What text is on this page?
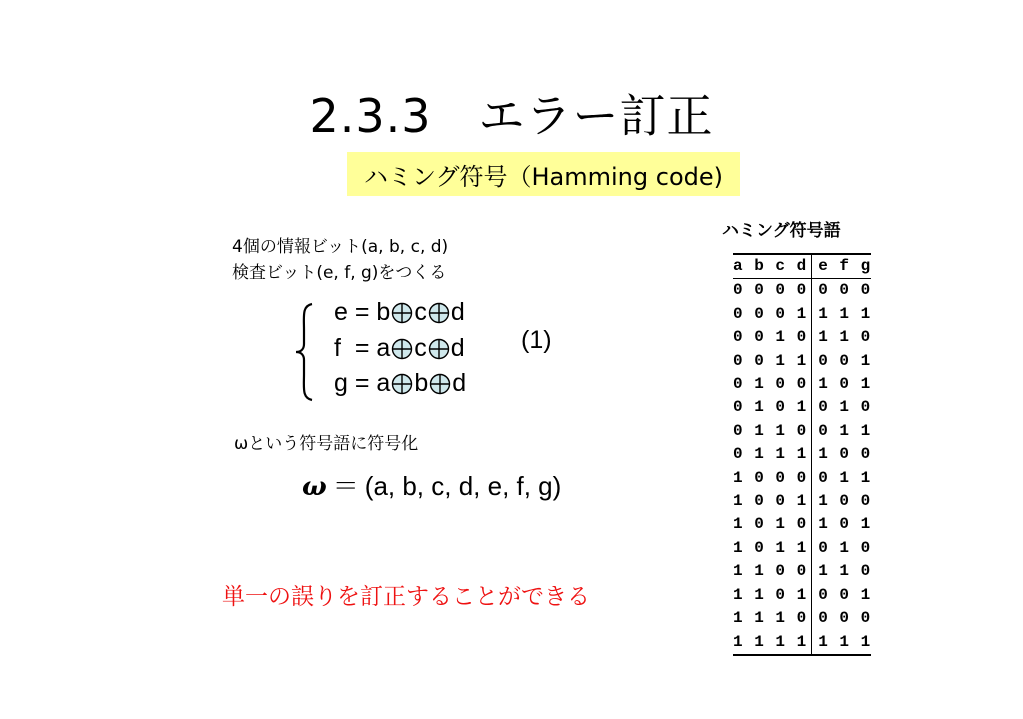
2.3.3　エラー訂正
ハミング符号（Hamming code)
4個の情報ビット(a, b, c, d)
検査ビット(e, f, g)をつくる
e = b c d
f  = a c d
g = a b d
(1)
ωという符号語に符号化
ω ＝ (a, b, c, d, e, f, g)
単一の誤りを訂正することができる
ハミング符号語
a b c d	e f g
0 0 0 0	0 0 0
0 0 0 1	1 1 1
0 0 1 0	1 1 0
0 0 1 1	0 0 1
0 1 0 0	1 0 1
0 1 0 1	0 1 0
0 1 1 0	0 1 1
0 1 1 1	1 0 0
1 0 0 0	0 1 1
1 0 0 1	1 0 0
1 0 1 0	1 0 1
1 0 1 1	0 1 0
1 1 0 0	1 1 0
1 1 0 1	0 0 1
1 1 1 0	0 0 0
1 1 1 1	1 1 1
